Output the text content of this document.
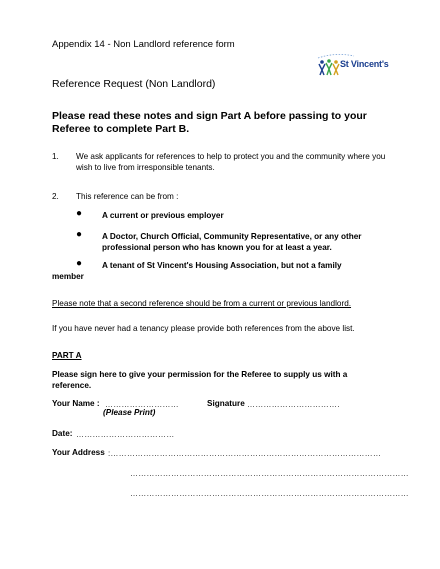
Appendix 14 - Non Landlord reference form
St Vincent's
Reference Request (Non Landlord)
Please read these notes and sign Part A before passing to your Referee to complete Part B.
1. We ask applicants for references to help to protect you and the community where you wish to live from irresponsible tenants.
2. This reference can be from :
● A current or previous employer
● A Doctor, Church Official, Community Representative, or any other professional person who has known you for at least a year.
●	A tenant of St Vincent's Housing Association, but not a family member
Please note that a second reference should be from a current or previous landlord.
If you have never had a tenancy please provide both references from the above list.
PART A
Please sign here to give your permission for the Referee to supply us with a reference.
Your Name : ………………………
(Please Print)
Signature …………………………….
Date: ………………………………
Your Address :………………………………………………………………………………………
…………………………………………………………………………………………
…………………………………………………………………………………………
